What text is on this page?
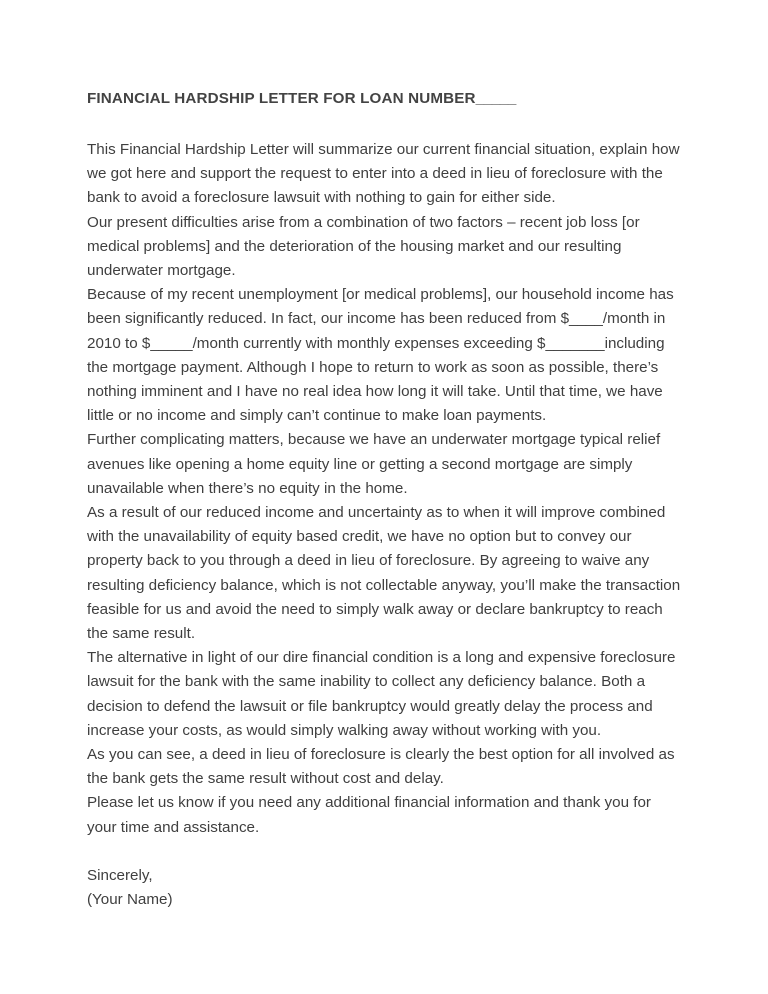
FINANCIAL HARDSHIP LETTER FOR LOAN NUMBER_____

This Financial Hardship Letter will summarize our current financial situation, explain how we got here and support the request to enter into a deed in lieu of foreclosure with the bank to avoid a foreclosure lawsuit with nothing to gain for either side.

Our present difficulties arise from a combination of two factors – recent job loss [or medical problems] and the deterioration of the housing market and our resulting underwater mortgage.

Because of my recent unemployment [or medical problems], our household income has been significantly reduced. In fact, our income has been reduced from $____/month in 2010 to $_____/month currently with monthly expenses exceeding $_______including the mortgage payment. Although I hope to return to work as soon as possible, there’s nothing imminent and I have no real idea how long it will take. Until that time, we have little or no income and simply can’t continue to make loan payments.

Further complicating matters, because we have an underwater mortgage typical relief avenues like opening a home equity line or getting a second mortgage are simply unavailable when there’s no equity in the home.

As a result of our reduced income and uncertainty as to when it will improve combined with the unavailability of equity based credit, we have no option but to convey our property back to you through a deed in lieu of foreclosure. By agreeing to waive any resulting deficiency balance, which is not collectable anyway, you’ll make the transaction feasible for us and avoid the need to simply walk away or declare bankruptcy to reach the same result.

The alternative in light of our dire financial condition is a long and expensive foreclosure lawsuit for the bank with the same inability to collect any deficiency balance. Both a decision to defend the lawsuit or file bankruptcy would greatly delay the process and increase your costs, as would simply walking away without working with you.

As you can see, a deed in lieu of foreclosure is clearly the best option for all involved as the bank gets the same result without cost and delay.

Please let us know if you need any additional financial information and thank you for your time and assistance.

Sincerely,

(Your Name)
